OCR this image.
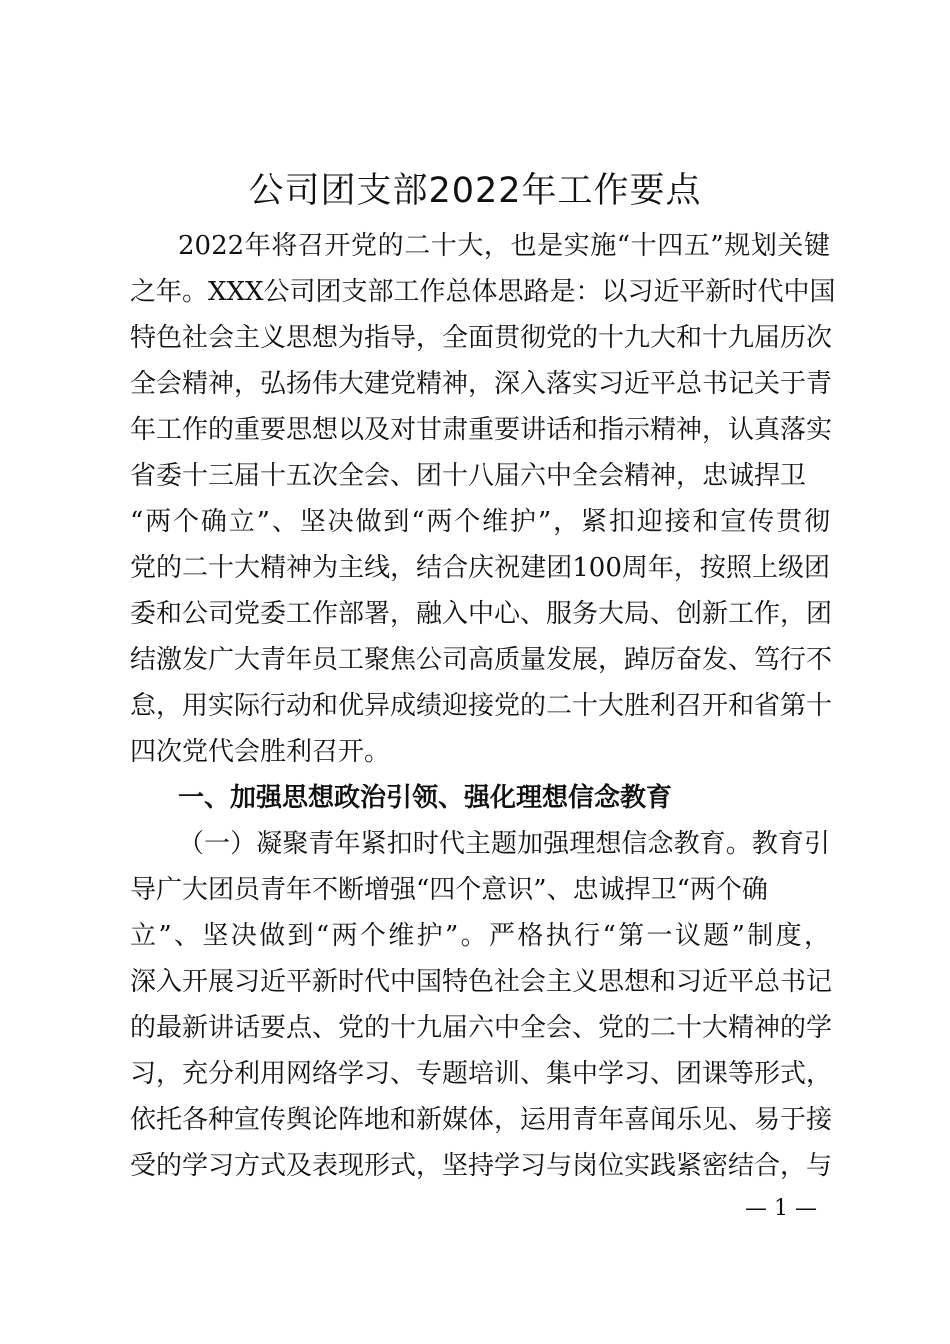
公司团支部2022年工作要点
2022年将召开党的二十大，也是实施“十四五”规划关键
之年。XXX公司团支部工作总体思路是：以习近平新时代中国
特色社会主义思想为指导，全面贯彻党的十九大和十九届历次
全会精神，弘扬伟大建党精神，深入落实习近平总书记关于青
年工作的重要思想以及对甘肃重要讲话和指示精神，认真落实
省委十三届十五次全会、团十八届六中全会精神，忠诚捍卫
“两个确立”、坚决做到“两个维护”，紧扣迎接和宣传贯彻
党的二十大精神为主线，结合庆祝建团100周年，按照上级团
委和公司党委工作部署，融入中心、服务大局、创新工作，团
结激发广大青年员工聚焦公司高质量发展，踔厉奋发、笃行不
怠，用实际行动和优异成绩迎接党的二十大胜利召开和省第十
四次党代会胜利召开。
一、加强思想政治引领、强化理想信念教育
（一）凝聚青年紧扣时代主题加强理想信念教育。教育引
导广大团员青年不断增强“四个意识”、忠诚捍卫“两个确
立”、坚决做到“两个维护”。严格执行“第一议题”制度，
深入开展习近平新时代中国特色社会主义思想和习近平总书记
的最新讲话要点、党的十九届六中全会、党的二十大精神的学
习，充分利用网络学习、专题培训、集中学习、团课等形式，
依托各种宣传舆论阵地和新媒体，运用青年喜闻乐见、易于接
受的学习方式及表现形式，坚持学习与岗位实践紧密结合，与
— 1 —
